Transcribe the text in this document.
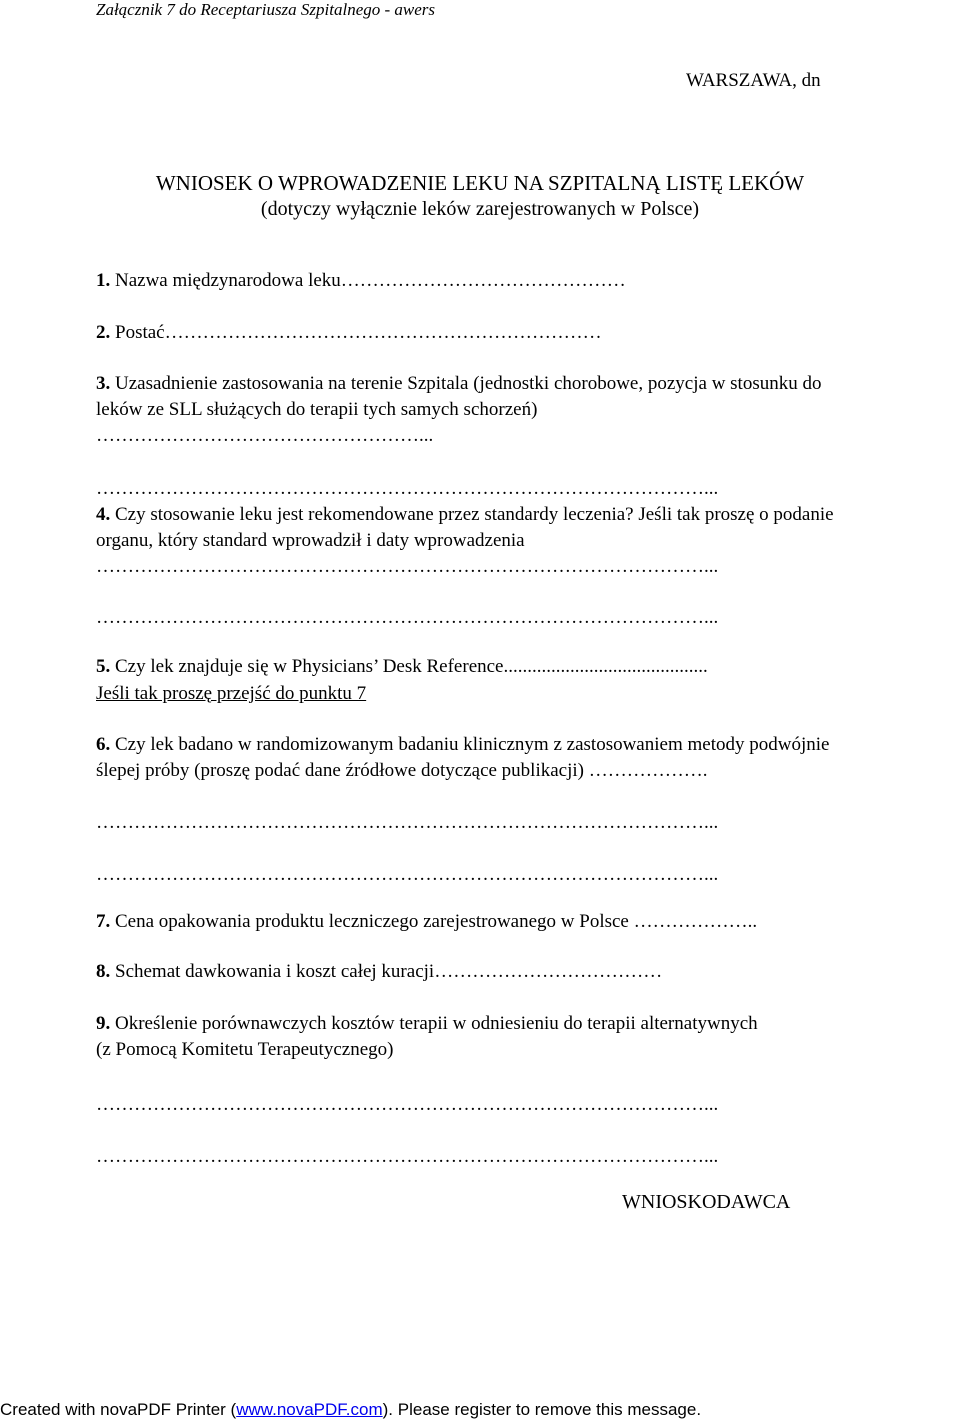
Załącznik 7 do Receptariusza Szpitalnego - awers
WARSZAWA, dn
WNIOSEK O WPROWADZENIE LEKU NA SZPITALNĄ LISTĘ LEKÓW
(dotyczy wyłącznie leków zarejestrowanych w Polsce)
1. Nazwa międzynarodowa leku………………………………………
2. Postać……………………………………………………………
3. Uzasadnienie zastosowania na terenie Szpitala (jednostki chorobowe, pozycja w stosunku do
leków ze SLL służących do terapii tych samych schorzeń)
……………………………………………...
……………………………………………………………………………………...
4. Czy stosowanie leku jest rekomendowane przez standardy leczenia? Jeśli tak proszę o podanie
organu, który standard wprowadził i daty wprowadzenia
……………………………………………………………………………………...
……………………………………………………………………………………...
5. Czy lek znajduje się w Physicians’ Desk Reference...........................................
Jeśli tak proszę przejść do punktu 7
6. Czy lek badano w randomizowanym badaniu klinicznym z zastosowaniem metody podwójnie
ślepej próby (proszę podać dane źródłowe dotyczące publikacji) ……………….
……………………………………………………………………………………...
……………………………………………………………………………………...
7. Cena opakowania produktu leczniczego zarejestrowanego w Polsce ………………..
8. Schemat dawkowania i koszt całej kuracji………………………………
9. Określenie porównawczych kosztów terapii w odniesieniu do terapii alternatywnych
(z Pomocą Komitetu Terapeutycznego)
……………………………………………………………………………………...
……………………………………………………………………………………...
WNIOSKODAWCA
Created with novaPDF Printer (www.novaPDF.com). Please register to remove this message.
